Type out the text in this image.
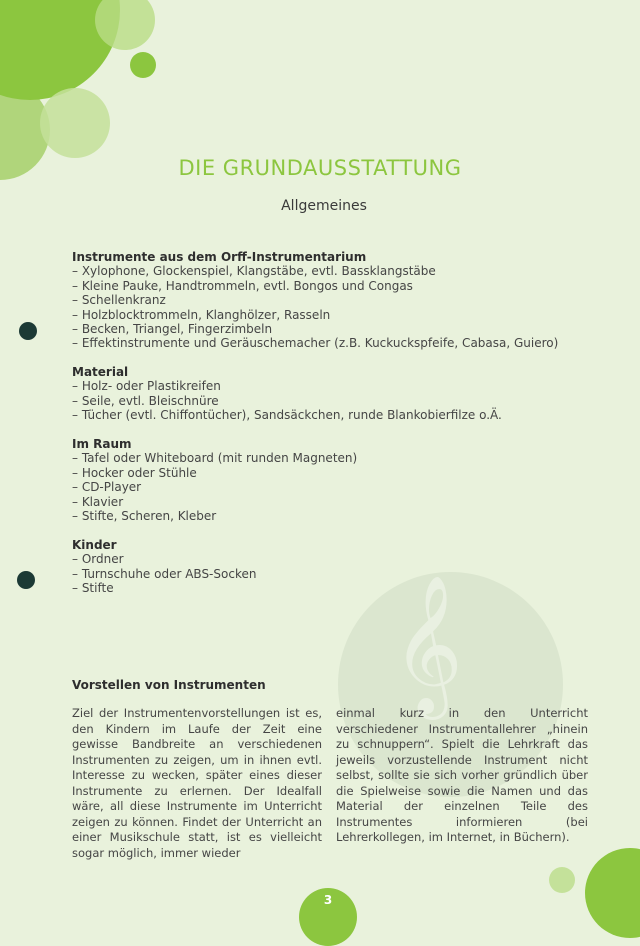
𝄞
DIE GRUNDAUSSTATTUNG
Allgemeines
Instrumente aus dem Orff-Instrumentarium
– Xylophone, Glockenspiel, Klangstäbe, evtl. Bassklangstäbe
– Kleine Pauke, Handtrommeln, evtl. Bongos und Congas
– Schellenkranz
– Holzblocktrommeln, Klanghölzer, Rasseln
– Becken, Triangel, Fingerzimbeln
– Effektinstrumente und Geräuschemacher (z.B. Kuckuckspfeife, Cabasa, Guiero)
Material
– Holz- oder Plastikreifen
– Seile, evtl. Bleischnüre
– Tücher (evtl. Chiffontücher), Sandsäckchen, runde Blankobierfilze o.Ä.
Im Raum
– Tafel oder Whiteboard (mit runden Magneten)
– Hocker oder Stühle
– CD-Player
– Klavier
– Stifte, Scheren, Kleber
Kinder
– Ordner
– Turnschuhe oder ABS-Socken
– Stifte
Vorstellen von Instrumenten

Ziel der Instrumentenvorstellungen ist es, den Kindern im Laufe der Zeit eine gewisse Bandbreite an verschiedenen Instrumenten zu zeigen, um in ihnen evtl. Interesse zu wecken, später eines dieser Instrumente zu erlernen. Der Idealfall wäre, all diese Instrumente im Unterricht zeigen zu können. Findet der Unterricht an einer Musikschule statt, ist es vielleicht sogar möglich, immer wieder

einmal kurz in den Unterricht verschiedener Instrumentallehrer „hinein zu schnuppern“. Spielt die Lehrkraft das jeweils vorzustellende Instrument nicht selbst, sollte sie sich vorher gründlich über die Spielweise sowie die Namen und das Material der einzelnen Teile des Instrumentes informieren (bei Lehrerkollegen, im Internet, in Büchern).

3
